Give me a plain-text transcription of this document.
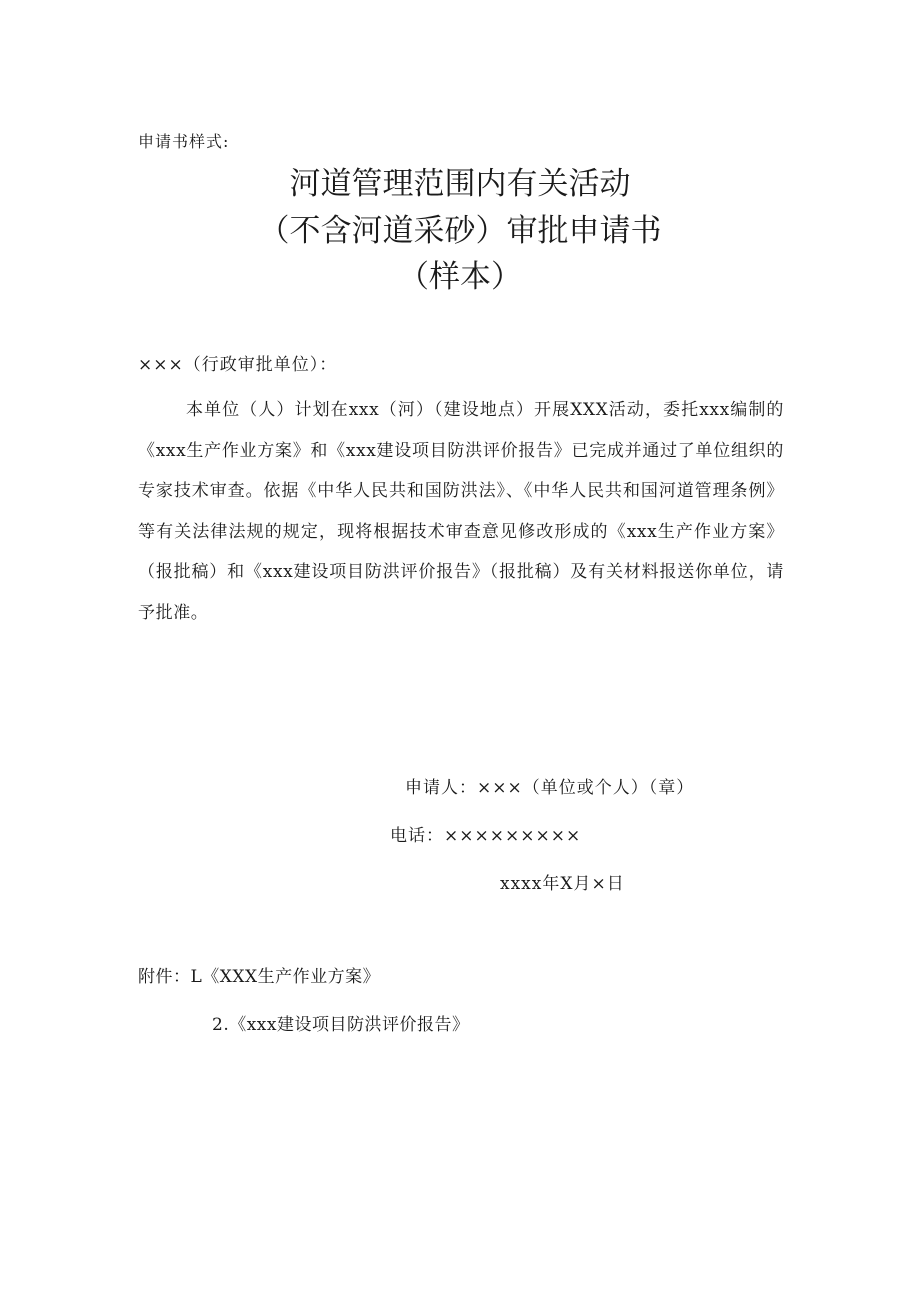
申请书样式:
河道管理范围内有关活动
（不含河道采砂）审批申请书
（样本）
×××（行政审批单位）：

本单位（人）计划在xxx（河）（建设地点）开展XXX活动，委托xxx编制的《xxx生产作业方案》和《xxx建设项目防洪评价报告》已完成并通过了单位组织的专家技术审查。依据《中华人民共和国防洪法》、《中华人民共和国河道管理条例》等有关法律法规的规定，现将根据技术审查意见修改形成的《xxx生产作业方案》（报批稿）和《xxx建设项目防洪评价报告》（报批稿）及有关材料报送你单位，请予批准。

申请人：×××（单位或个人）（章）
电话：×××××××××
xxxx年X月×日
附件：L《XXX生产作业方案》
2.《xxx建设项目防洪评价报告》
